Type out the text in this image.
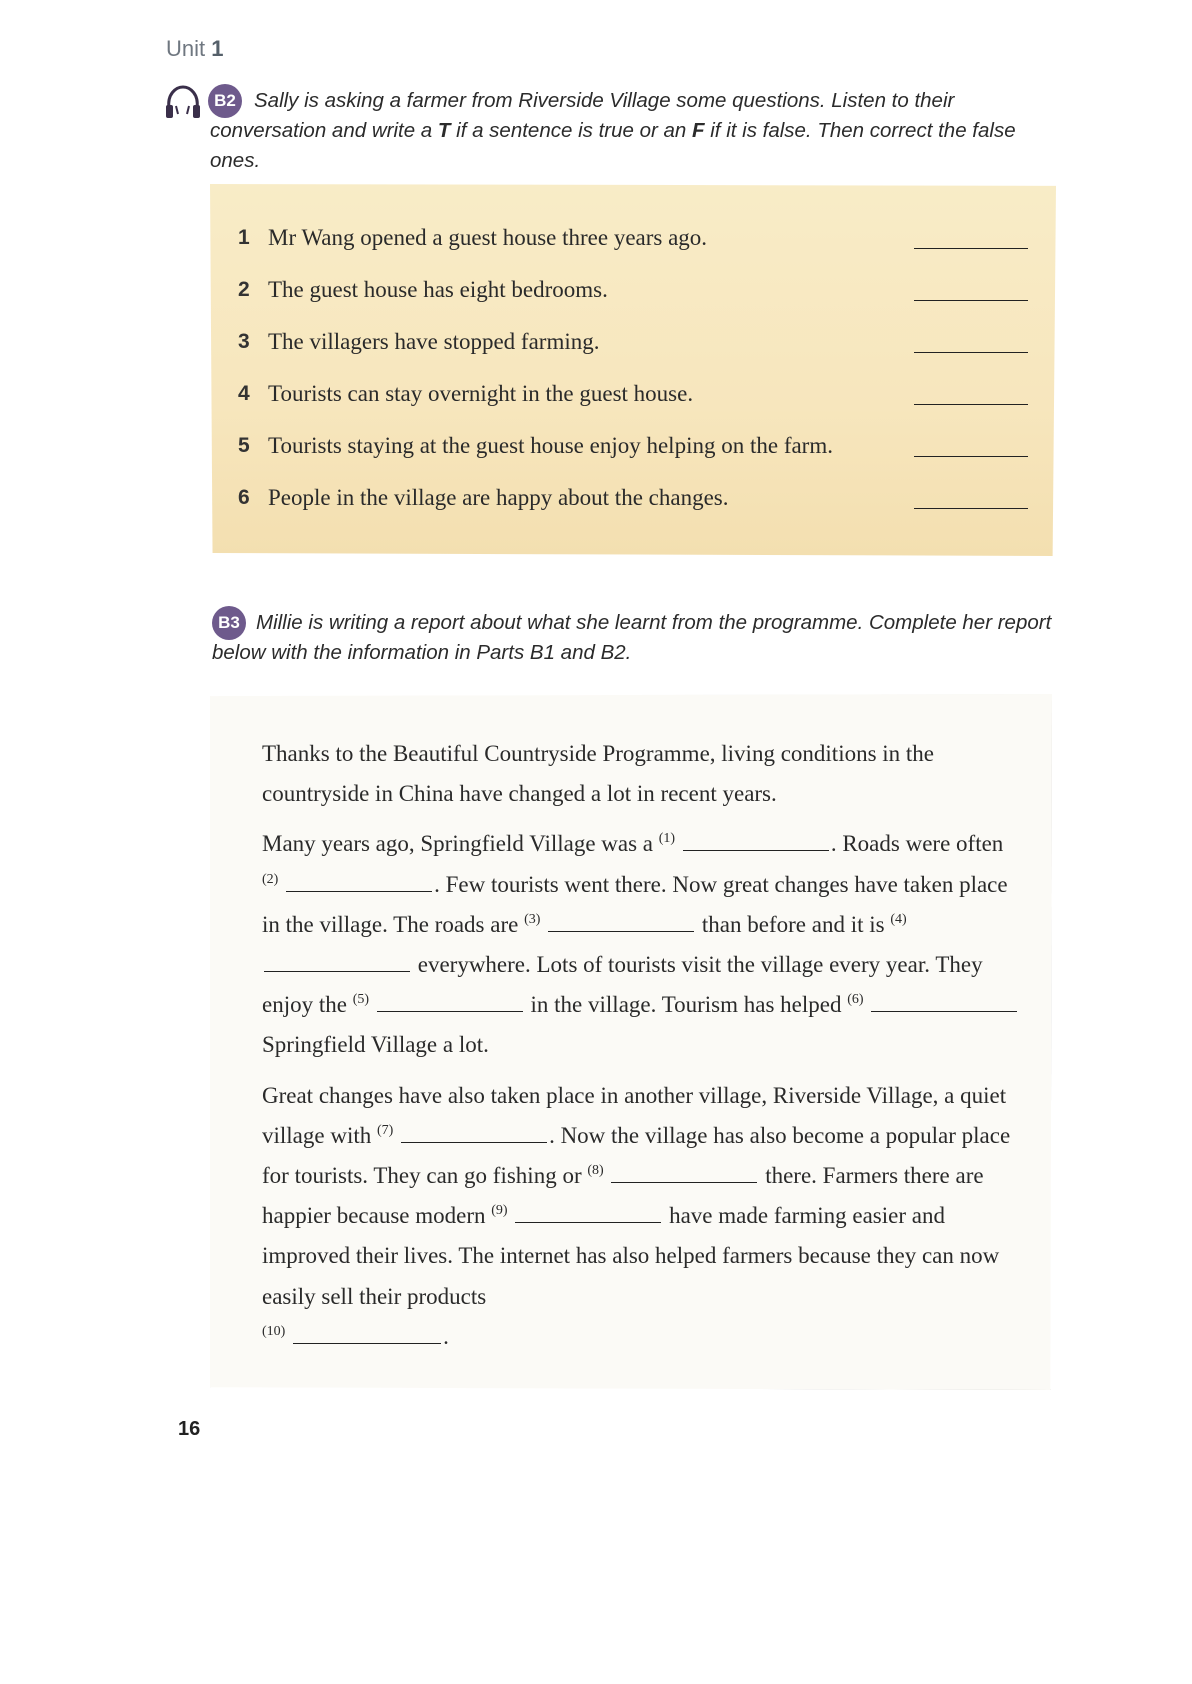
Unit 1
B2 Sally is asking a farmer from Riverside Village some questions. Listen to their conversation and write a T if a sentence is true or an F if it is false. Then correct the false ones.
1 Mr Wang opened a guest house three years ago.
2 The guest house has eight bedrooms.
3 The villagers have stopped farming.
4 Tourists can stay overnight in the guest house.
5 Tourists staying at the guest house enjoy helping on the farm.
6 People in the village are happy about the changes.
B3 Millie is writing a report about what she learnt from the programme. Complete her report below with the information in Parts B1 and B2.

Thanks to the Beautiful Countryside Programme, living conditions in the countryside in China have changed a lot in recent years.

Many years ago, Springfield Village was a $^{(1)}$	. Roads were often $^{(2)}$	. Few tourists went there. Now great changes have taken place in the village. The roads are $^{(3)}$	than before and it is $^{(4)}$  everywhere. Lots of tourists visit the village every year. They enjoy the $^{(5)}$	in the village. Tourism has helped $^{(6)}$  Springfield Village a lot.

Great changes have also taken place in another village, Riverside Village, a quiet village with $^{(7)}$	. Now the village has also become a popular place for tourists. They can go fishing or $^{(8)}$	there. Farmers there are happier because modern $^{(9)}$	have made farming easier and improved their lives. The internet has also helped farmers because they can now easily sell their products
$^{(10)}$	.

16
